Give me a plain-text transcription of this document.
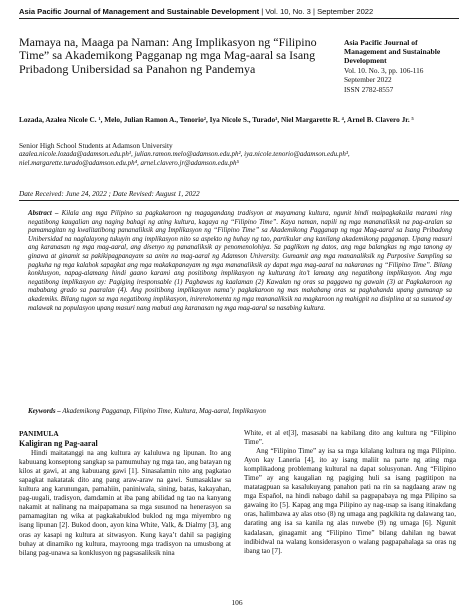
Asia Pacific Journal of Management and Sustainable Development | Vol. 10, No. 3 | September 2022
Mamaya na, Maaga pa Naman: Ang Implikasyon ng “Filipino Time” sa Akademikong Pagganap ng mga Mag-aaral sa Isang Pribadong Unibersidad sa Panahon ng Pandemya
Asia Pacific Journal of Management and Sustainable Development
Vol. 10. No. 3, pp. 106-116
September 2022
ISSN 2782-8557
Lozada, Azalea Nicole C. ¹, Melo, Julian Ramon A., Tenorio², Iya Nicole S., Turado³, Niel Margarette R. ⁴, Arnel B. Clavero Jr. ⁵
Senior High School Students at Adamson University
azalea.nicole.lozada@adamson.edu.ph¹, julian.ramon.melo@adamson.edu.ph², iya.nicole.tenorio@adamson.edu.ph³, niel.margarette.turado@adamson.edu.ph⁴, arnel.clavero.jr@adamson.edu.ph⁵
Date Received: June 24, 2022 ; Date Revised: August 1, 2022
Abstract – Kilala ang mga Pilipino sa pagkakaroon ng magagandang tradisyon at mayamang kultura, ngunit hindi maipagkakaila marami ring negatibong kaugalian ang naging bahagi ng ating kultura, kagaya ng “Filipino Time”. Kaya naman, napili ng mga mananaliksik na pag-aralan sa pamamagitan ng kwalitatibong pananaliksik ang Implikasyon ng “Filipino Time” sa Akademikong Pagganap ng mga Mag-aaral sa Isang Pribadong Unibersidad na naglalayong tukuyin ang implikasyon nito sa aspekto ng buhay ng tao, partikular ang kanilang akademikong pagganap. Upang masuri ang karanasan ng mga mag-aaral, ang disenyo ng pananaliksik ay penomenolohiya. Sa paglikom ng datos, ang mga balangkas ng mga tanong ay ginawa at ginamit sa pakikipagpanayam sa anim na mag-aaral ng Adamson University. Gumamit ang mga mananaliksik ng Purposive Sampling sa pagkuha ng mga kalahok sapagkat ang mga makakapanayam ng mga mananaliksik ay dapat mga mag-aaral na nakaranas ng “Filipino Time”. Bilang konklusyon, napag-alamang hindi gaano karami ang positibong implikasyon ng kulturang ito’t lamang ang negatibong implikasyon. Ang mga negatibong implikasyon ay: Pagiging iresponsable (1) Pagbawas ng kaalaman (2) Kawalan ng oras sa paggawa ng gawain (3) at Pagkakaroon ng mababang grado sa paaralan (4). Ang positibong implikasyon nama’y pagkakaroon ng mas mahabang oras sa paghahanda upang gumanap sa akademiks. Bilang tugon sa mga negatibong implikasyon, inirerekomenta ng mga mananaliksik na magkaroon ng mahigpit na disiplina at sa susunod ay malawak na populasyon upang masuri nang mabuti ang karanasan ng mga mag-aaral sa nasabing kultura.
Keywords – Akademikong Pagganap, Filipino Time, Kultura, Mag-aaral, Implikasyon
PANIMULA
Kaligiran ng Pag-aaral

Hindi maitatanggi na ang kultura ay kaluluwa ng lipunan. Ito ang kabuuang konseptong sangkap sa pamumuhay ng mga tao, ang batayan ng kilos at gawi, at ang kabuuang gawi [1]. Sinasalamin nito ang pagkatao sapagkat nakatatak dito ang pang araw-araw na gawi. Sumasaklaw sa kultura ang karunungan, pamahiin, paniniwala, sining, batas, kakayahan, pag-uugali, tradisyon, damdamin at iba pang abilidad ng tao na kanyang nakamit at nalinang na maipapamana sa mga susunod na henerasyon sa pamamagitan ng wika at pagkakabuklod buklod ng mga miyembro ng isang lipunan [2]. Bukod doon, ayon kina White, Valk, & Dialmy [3], ang oras ay kasapi ng kultura at sitwasyon. Kung kaya’t dahil sa pagiging buhay at dinamiko ng kultura, mayroong mga tradisyon na umusbong at bilang pag-unawa sa konklusyon ng pagsasaliksik nina

White, et al et[3], masasabi na kabilang dito ang kultura ng “Filipino Time”.

Ang “Filipino Time” ay isa sa mga kilalang kultura ng mga Pilipino. Ayon kay Laneria [4], ito ay isang maliit na parte ng ating mga komplikadong problemang kultural na dapat solusyonan. Ang “Filipino Time” ay ang kaugalian ng pagiging huli sa isang pagtitipon na matatagpuan sa kasalukuyang panahon pati na rin sa nagdaang araw ng mga Español, na hindi nabago dahil sa pagpapabaya ng mga Pilipino sa gawaing ito [5]. Kapag ang mga Pilipino ay nag-usap sa isang itinakdang oras, halimbawa ay alas otso (8) ng umaga ang pagkikita ng dalawang tao, darating ang isa sa kanila ng alas nuwebe (9) ng umaga [6]. Ngunit kadalasan, ginagamit ang “Filipino Time” bilang dahilan ng bawat indibidwal na walang konsiderasyon o walang pagpapahalaga sa oras ng ibang tao [7].

106
